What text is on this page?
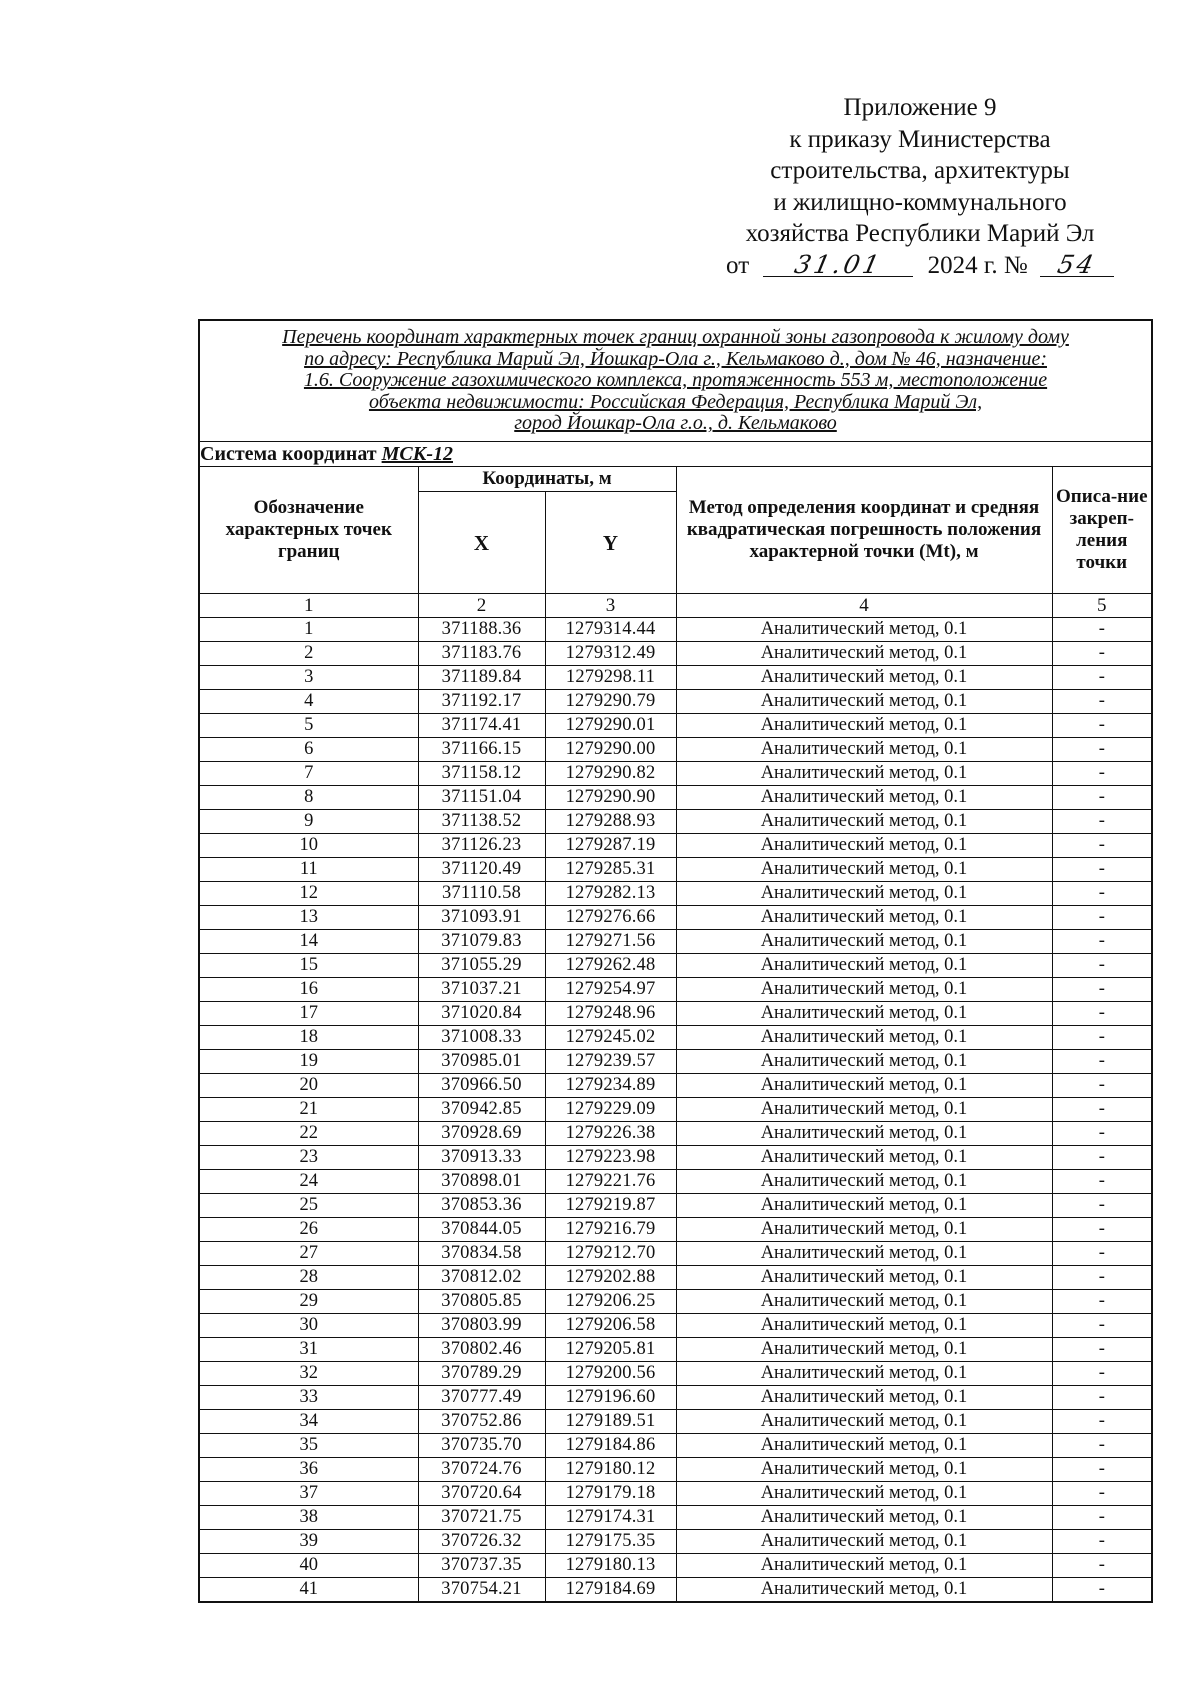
Приложение 9
к приказу Министерства
строительства, архитектуры
и жилищно-коммунального
хозяйства Республики Марий Эл
от 31.01 2024 г. № 54
Перечень координат характерных точек границ охранной зоны газопровода к жилому дому
по адресу: Республика Марий Эл, Йошкар-Ола г., Кельмаково д., дом № 46, назначение:
1.6. Сооружение газохимического комплекса, протяженность 553 м, местоположение
объекта недвижимости: Российская Федерация, Республика Марий Эл,
город Йошкар-Ола г.о., д. Кельмаково				

Система координат МСК-12				
Обозначение характерных точек границ	Координаты, м		Метод определения координат и средняя квадратическая погрешность положения характерной точки (Mt), м	Описа-ние закреп-ления точки
	X	Y		
1	2	3	4	5
1	371188.36	1279314.44	Аналитический метод, 0.1	-
2	371183.76	1279312.49	Аналитический метод, 0.1	-
3	371189.84	1279298.11	Аналитический метод, 0.1	-
4	371192.17	1279290.79	Аналитический метод, 0.1	-
5	371174.41	1279290.01	Аналитический метод, 0.1	-
6	371166.15	1279290.00	Аналитический метод, 0.1	-
7	371158.12	1279290.82	Аналитический метод, 0.1	-
8	371151.04	1279290.90	Аналитический метод, 0.1	-
9	371138.52	1279288.93	Аналитический метод, 0.1	-
10	371126.23	1279287.19	Аналитический метод, 0.1	-
11	371120.49	1279285.31	Аналитический метод, 0.1	-
12	371110.58	1279282.13	Аналитический метод, 0.1	-
13	371093.91	1279276.66	Аналитический метод, 0.1	-
14	371079.83	1279271.56	Аналитический метод, 0.1	-
15	371055.29	1279262.48	Аналитический метод, 0.1	-
16	371037.21	1279254.97	Аналитический метод, 0.1	-
17	371020.84	1279248.96	Аналитический метод, 0.1	-
18	371008.33	1279245.02	Аналитический метод, 0.1	-
19	370985.01	1279239.57	Аналитический метод, 0.1	-
20	370966.50	1279234.89	Аналитический метод, 0.1	-
21	370942.85	1279229.09	Аналитический метод, 0.1	-
22	370928.69	1279226.38	Аналитический метод, 0.1	-
23	370913.33	1279223.98	Аналитический метод, 0.1	-
24	370898.01	1279221.76	Аналитический метод, 0.1	-
25	370853.36	1279219.87	Аналитический метод, 0.1	-
26	370844.05	1279216.79	Аналитический метод, 0.1	-
27	370834.58	1279212.70	Аналитический метод, 0.1	-
28	370812.02	1279202.88	Аналитический метод, 0.1	-
29	370805.85	1279206.25	Аналитический метод, 0.1	-
30	370803.99	1279206.58	Аналитический метод, 0.1	-
31	370802.46	1279205.81	Аналитический метод, 0.1	-
32	370789.29	1279200.56	Аналитический метод, 0.1	-
33	370777.49	1279196.60	Аналитический метод, 0.1	-
34	370752.86	1279189.51	Аналитический метод, 0.1	-
35	370735.70	1279184.86	Аналитический метод, 0.1	-
36	370724.76	1279180.12	Аналитический метод, 0.1	-
37	370720.64	1279179.18	Аналитический метод, 0.1	-
38	370721.75	1279174.31	Аналитический метод, 0.1	-
39	370726.32	1279175.35	Аналитический метод, 0.1	-
40	370737.35	1279180.13	Аналитический метод, 0.1	-
41	370754.21	1279184.69	Аналитический метод, 0.1	-
